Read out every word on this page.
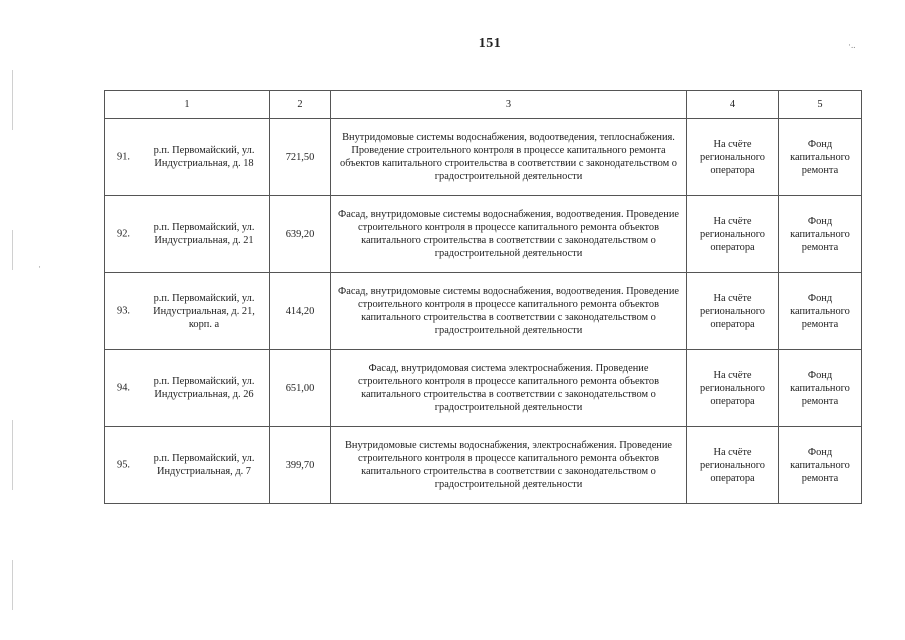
·..
·
151
1	2	3	4	5

91.
р.п. Первомайский, ул. Индустриальная, д. 18	721,50	Внутридомовые системы водоснабжения, водоотведения, теплоснабжения. Проведение строительного контроля в процессе капитального ремонта объектов капитального строительства в соответствии с законодательством о градостроительной деятельности	На счёте регионального оператора	Фонд капитального ремонта

92.
р.п. Первомайский, ул. Индустриальная, д. 21	639,20	Фасад, внутридомовые системы водоснабжения, водоотведения. Проведение строительного контроля в процессе капитального ремонта объектов капитального строительства в соответствии с законодательством о градостроительной деятельности	На счёте регионального оператора	Фонд капитального ремонта

93.
р.п. Первомайский, ул. Индустриальная, д. 21, корп. а	414,20	Фасад, внутридомовые системы водоснабжения, водоотведения. Проведение строительного контроля в процессе капитального ремонта объектов капитального строительства в соответствии с законодательством о градостроительной деятельности	На счёте регионального оператора	Фонд капитального ремонта

94.
р.п. Первомайский, ул. Индустриальная, д. 26	651,00	Фасад, внутридомовая система электроснабжения. Проведение строительного контроля в процессе капитального ремонта объектов капитального строительства в соответствии с законодательством о градостроительной деятельности	На счёте регионального оператора	Фонд капитального ремонта

95.
р.п. Первомайский, ул. Индустриальная, д. 7	399,70	Внутридомовые системы водоснабжения, электроснабжения. Проведение строительного контроля в процессе капитального ремонта объектов капитального строительства в соответствии с законодательством о градостроительной деятельности	На счёте регионального оператора	Фонд капитального ремонта
